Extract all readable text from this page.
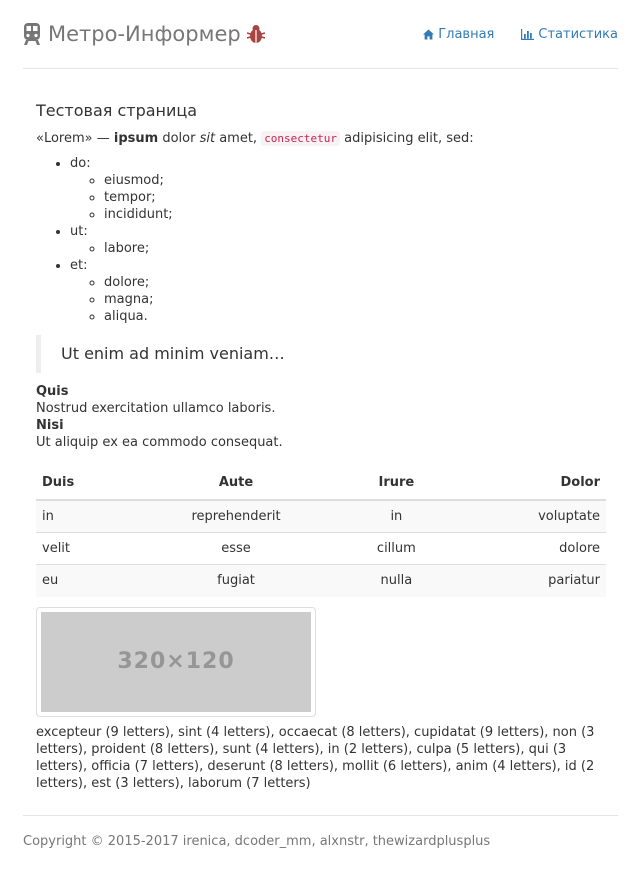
Метро-Информер	Главная	Статистика
Тестовая страница

«Lorem» — ipsum dolor sit amet, consectetur adipisicing elit, sed:

• do:
◦ eiusmod;
◦ tempor;
◦ incididunt;
• ut:
◦ labore;
• et:
◦ dolore;
◦ magna;
◦ aliqua.
Ut enim ad minim veniam…
Quis
Nostrud exercitation ullamco laboris.
Nisi
Ut aliquip ex ea commodo consequat.
Duis	Aute	Irure	Dolor
in	reprehenderit	in	voluptate
velit	esse	cillum	dolore
eu	fugiat	nulla	pariatur
320×120

excepteur (9 letters), sint (4 letters), occaecat (8 letters), cupidatat (9 letters), non (3 letters), proident (8 letters), sunt (4 letters), in (2 letters), culpa (5 letters), qui (3 letters), officia (7 letters), deserunt (8 letters), mollit (6 letters), anim (4 letters), id (2 letters), est (3 letters), laborum (7 letters)

Copyright © 2015-2017 irenica, dcoder_mm, alxnstr, thewizardplusplus
